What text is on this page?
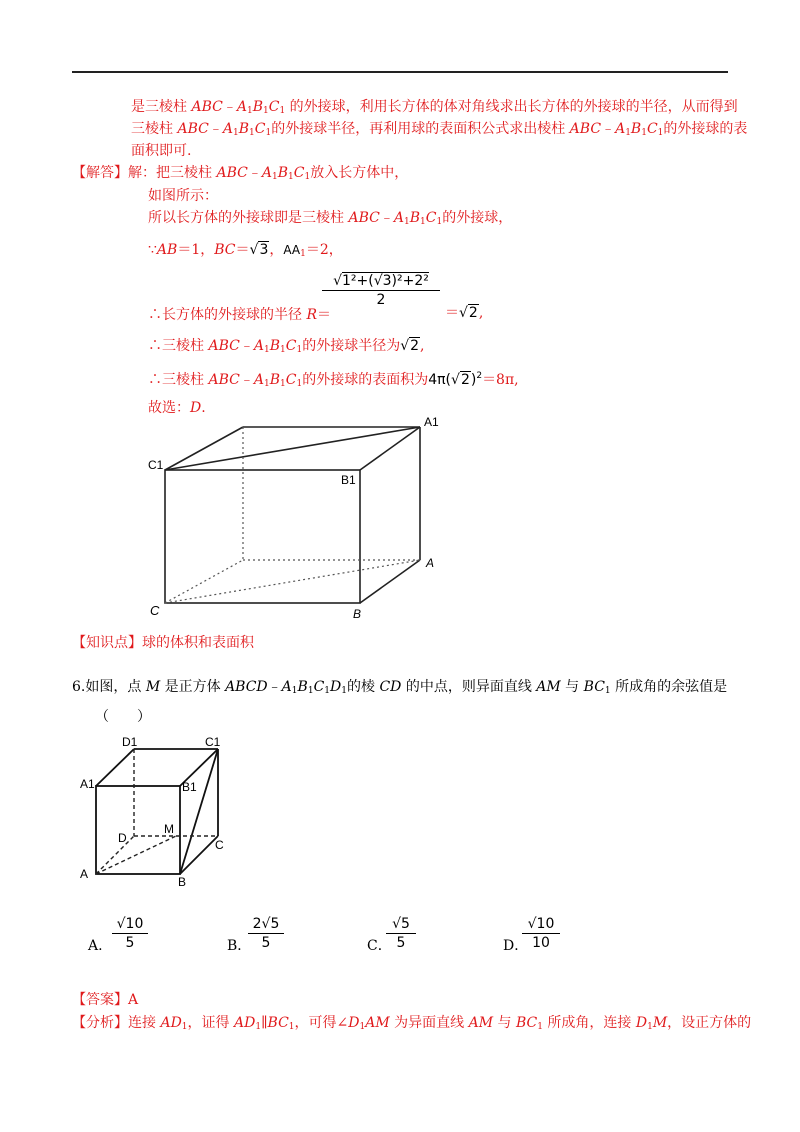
是三棱柱 $ABC﹣A_1B_1C_1$ 的外接球，利用长方体的体对角线求出长方体的外接球的半径，从而得到
三棱柱 $ABC﹣A_1B_1C_1$的外接球半径，再利用球的表面积公式求出棱柱 $ABC﹣A_1B_1C_1$的外接球的表
面积即可.
【解答】解：把三棱柱 $ABC﹣A_1B_1C_1$放入长方体中，
如图所示：
所以长方体的外接球即是三棱柱 $ABC﹣A_1B_1C_1$的外接球，
∵AB＝1，BC＝√3，$AA_1=2$，
$\frac{\text{√1²+(√3)²+2²}}{2}$
∴长方体的外接球的半径 R＝	＝√2,
∴三棱柱 $ABC﹣A_1B_1C_1$的外接球半径为√2,
∴三棱柱 $ABC﹣A_1B_1C_1$的外接球的表面积为$4\pi(√2)^2=8\pi$,
故选：D.
C1
B1
A1
A
B
C
【知识点】球的体积和表面积
6.如图，点 M 是正方体 $ABCD﹣A_1B_1C_1D_1$的棱 CD 的中点，则异面直线 AM 与 $BC_1$ 所成角的余弦值是
（　　）
D1	C1
A1	B1
D
M
C
A
B
A. $\frac{√10}{5}$	B．
$\frac{2√5}{5}$	C．
$\frac{√5}{5}$	D．
$\frac{√10}{10}$
【答案】A
【分析】连接 $AD_1$，证得 $AD_1\parallel BC_1$，可得$\angle D_1AM$ 为异面直线 AM 与 $BC_1$ 所成角，连接 $D_1M$，设正方体的
